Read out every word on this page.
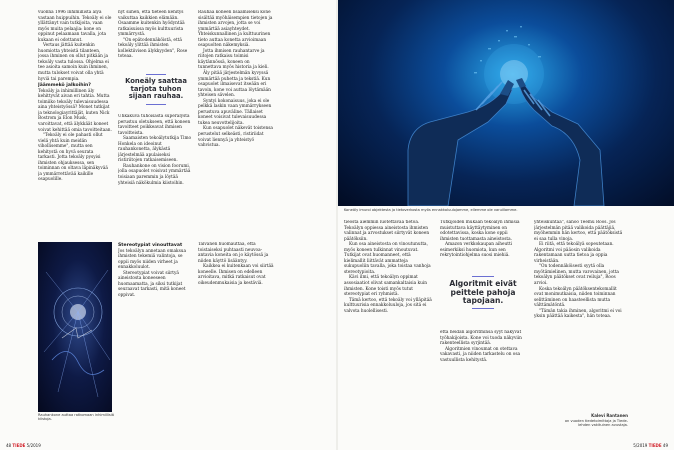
vuonna 1996 inhimillistä älyä vastaan huippuihin. Tekoäly ei ole yllättänyt vain tutkijoita, vaan myös muita pelaajia: kone on oppinut pelaamaan tavalla, jota kukaan ei odottanut.

Vertaus jättää kuitenkin huomiotta yhteistä tilanteen, jossa ihminen on ollut pitkään ja tekoäly vasta tulossa. Ohjelma ei tee asioita samoin kuin ihminen, mutta tulokset voivat olla yhtä hyviä tai parempia.

Jäämmekö jalkoihin?

Tekoäly ja inhimillinen äly kehittyvät aivan eri tahtia. Mutta toimiiko tekoäly tulevaisuudessa aina yhteistyössä? Monet tutkijat ja teknologiayrittäjät, kuten Nick Bostrom ja Elon Musk, varoittavat, että älykkäät koneet voivat kehittää omia tavoitteitaan.

"Tekoäly ei ole pahasti ollut vielä yhtä kuin meidän vihollisemme", mutta sen kehitystä on hyvä seurata tarkasti. Jotta tekoäly pysyisi ihmisten ohjauksessa, sen toiminnan on oltava läpinäkyvää ja ymmärrettävää kaikille osapuolille.

nyt siihen, että tieteen kehitys vaikuttaa kaikkien elämään. Osaamme kuitenkin hyödyntää ratkaisuissa myös kulttuurista ymmärrystä.

"On epätodennäköistä, että tekoäly ylittää ihmisten kollektiivisen älykkyyden", Rose toteaa.

Koneäly saattaa tarjota tuhon sijaan rauhaa.

Uhkakuva tuhoisasta superälystä perustuu oletukseen, että koneen tavoitteet poikkeavat ihmisen tavoitteista.

Saamaisten tekoälytutkija Timo Honkela on ideoinut rauhankonetta, älykästä järjestelmää apulaiseksi ristiriitojen ratkaisemiseen.

Rauhankone on vision foorumi, jolla osapuolet voisivat ymmärtää toisiaan paremmin ja löytää yhteisiä näkökulmia kiistoihin.

Rauhaa koneen lisäämiseksi kone sisältää myöhäisempien tietojen ja ihmisten arvojen, jotta se voi ymmärtää asiayhteydet. Yhteiskunnallinen ja kulttuurinen tieto auttaa konetta arvioimaan osapuolten näkemyksiä.

Jotta ihmisen rauhantarve ja riitojen ratkaisu toimisi käytännössä, koneen on tunnettava myös historia ja kieli.

Äly pitää järjestelmän kyvyssä ymmärtää puhetta ja tekstiä. Kun osapuolet ilmaisevat itseään eri tavoin, kone voi auttaa löytämään yhteisen sävelen.

Syntyi kokonaisuus, joka ei ole pelkkä laskin vaan ymmärrykseen perustuva apuväline. Tällaiset koneet voisivat tulevaisuudessa tukea neuvottelijoita.

Kun osapuolet näkevät toistensa perustelut selkeästi, ristiriidat voivat liennyä ja yhteistyö vahvistua.

Rauhankone auttaa ratkomaan inhimillisiä kiistoja.
Stereotypiat vinouttavat

Jos tekoälyn annetaan omaksua ihmisten tekemiä valintoja, se oppii myös niiden virheet ja ennakkoluulot.

Stereotypiat voivat siirtyä aineistosta koneeseen huomaamatta, ja siksi tutkijat seuraavat tarkasti, mitä koneet oppivat.

Talvanen huomauttaa, että toistaiseksi puhtaasti neuvoa-antavia koneita on jo käytössä ja niiden käyttö lisääntyy.

Kaikkea ei kuitenkaan voi siirtää koneelle. Ihmisen on edelleen arvioitava, mitkä ratkaisut ovat oikeudenmukaisia ja kestäviä.

48 TIEDE 5/2019
Koneäly imuroi objektesta ja tietoverkosta myös ennakkoluulojamme, ellemme ole varuillamme.

tieosta aiemmin luotettavaa tietoa. Tekoälyn oppiessa aineistosta ihmisten valinnat ja arvostukset siirtyvät koneen päätöksiin.

Kun osa aineistosta on vinoutunutta, myös koneen tulkinnat vinoutuvat. Tutkijat ovat huomanneet, että kielimallit liittävät ammatteja sukupuoliin tavalla, joka toistaa vanhoja stereotypioita.

Kävi ilmi, että tekoälyn oppimat assosiaatiot olivat samankaltaisia kuin ihmisten. Kone toisti myös tutut stereotypiat eri ryhmistä.

Tämä kertoo, että tekoäly voi ylläpitää kulttuurisia ennakkoluuloja, jos sitä ei valvota huolellisesti.

Tutkijoiden mukaan tekoälyn ihmisiä muistuttava käyttäytyminen on odotettavissa, koska kone oppii ihmisten tuottamasta aineistosta.

Amazon verkkokaupan aiheutti esimerkiksi huomiota, kun sen rekrytointiohjelma suosi miehiä.

Algoritmit eivät peittele pahoja tapojaan.

että heidän algoritminsa syyt näkyvät työhakijoista. Kone voi tuoda näkyviin rakenteellista syrjintää.

Algoritmien vinoumat on otettava vakavasti, ja niiden tarkastelu on osa vastuullista kehitystä.

yhteiskuntaa", sanoo Teemu Roos. Jos järjestelmän pitää valikoida päättäjiä, myöhemmin hän kertoo, että päätöksistä ei saa tulla vinoja.

Ei riitä, että tekoälyä sopeutetaan. Algoritmi voi pääosin valikoida rakentamaan uutta tietoa ja oppia virheistään.

"On todennäköisesti syytä olla myötämielinen, mutta varovainen, jotta tekoälyn päätökset ovat reiluja", Roos arvioi.

Koska tekoälyn päätöksentekomallit ovat monimutkaisia, niiden toiminnan selittäminen on haasteellista mutta välttämätöntä.

"Tämän takia ihminen, algoritmi ei voi yksin päättää kaikesta", hän toteaa.

Kalevi Rantanen
on vuoden tiedetoimittaja ja Tiede-lehden vakituinen avustaja.
5/2019 TIEDE 49
